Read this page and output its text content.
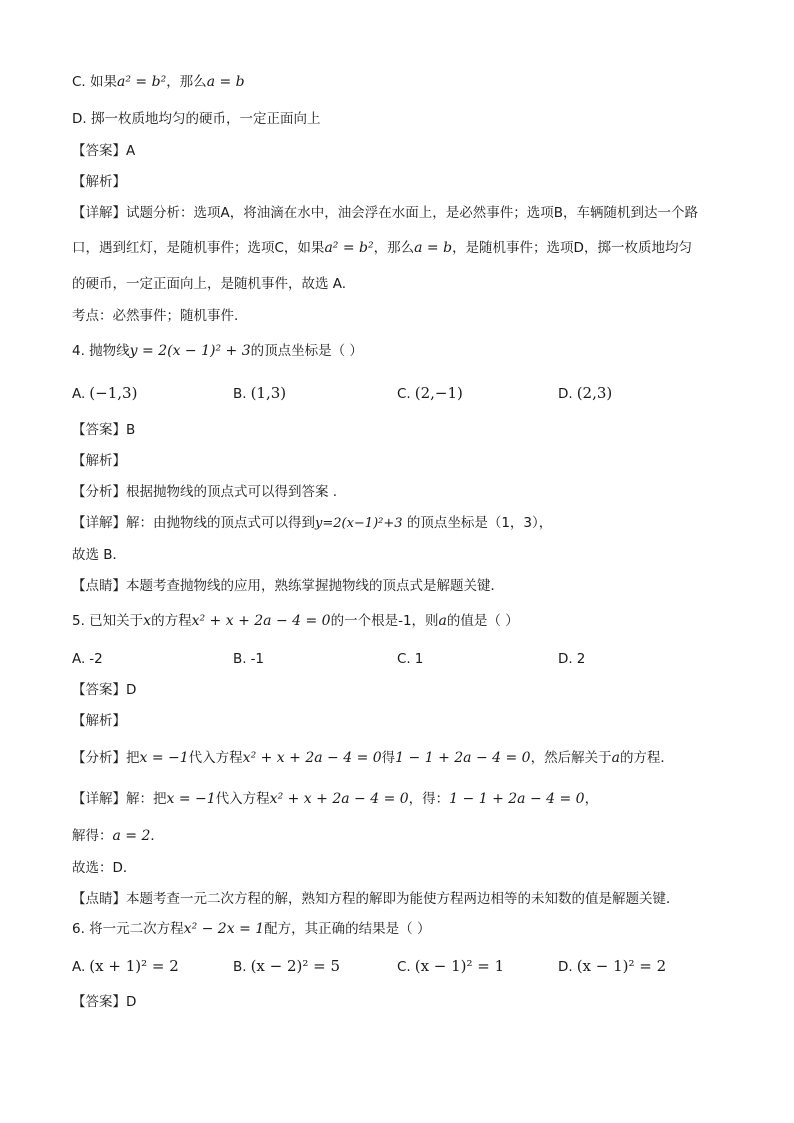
C. 如果a² = b²，那么a = b
D. 掷一枚质地均匀的硬币，一定正面向上
【答案】A
【解析】
【详解】试题分析：选项A，将油滴在水中，油会浮在水面上，是必然事件；选项B，车辆随机到达一个路
口，遇到红灯，是随机事件；选项C，如果a² = b²，那么a = b，是随机事件；选项D，掷一枚质地均匀
的硬币，一定正面向上，是随机事件，故选 A.
考点：必然事件；随机事件.
4. 抛物线y = 2(x − 1)² + 3的顶点坐标是（ ）
A. (−1,3)	B. (1,3)	C. (2,−1)	D. (2,3)
【答案】B
【解析】
【分析】根据抛物线的顶点式可以得到答案 .
【详解】解：由抛物线的顶点式可以得到y=2(x−1)²+3 的顶点坐标是（1，3），
故选 B．
【点睛】本题考查抛物线的应用，熟练掌握抛物线的顶点式是解题关键．
5. 已知关于x的方程x² + x + 2a − 4 = 0的一个根是-1，则a的值是（ ）
A. -2	B. -1	C. 1	D. 2
【答案】D
【解析】
【分析】把x = −1代入方程x² + x + 2a − 4 = 0得1 − 1 + 2a − 4 = 0，然后解关于a的方程．
【详解】解：把x = −1代入方程x² + x + 2a − 4 = 0，得：1 − 1 + 2a − 4 = 0，
解得：a = 2．
故选：D．
【点睛】本题考查一元二次方程的解，熟知方程的解即为能使方程两边相等的未知数的值是解题关键．
6. 将一元二次方程x² − 2x = 1配方，其正确的结果是（ ）
A. (x + 1)² = 2	B. (x − 2)² = 5	C. (x − 1)² = 1	D. (x − 1)² = 2
【答案】D
